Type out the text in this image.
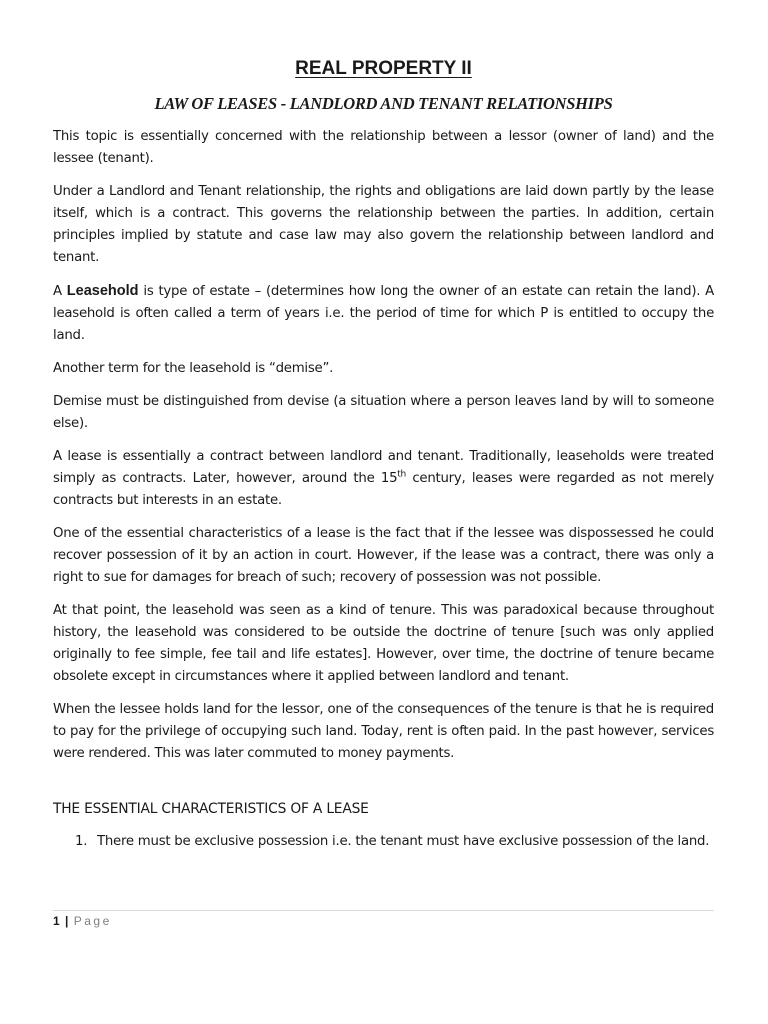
REAL PROPERTY II
LAW OF LEASES - LANDLORD AND TENANT RELATIONSHIPS

This topic is essentially concerned with the relationship between a lessor (owner of land) and the lessee (tenant).

Under a Landlord and Tenant relationship, the rights and obligations are laid down partly by the lease itself, which is a contract. This governs the relationship between the parties. In addition, certain principles implied by statute and case law may also govern the relationship between landlord and tenant.

A Leasehold is type of estate – (determines how long the owner of an estate can retain the land). A leasehold is often called a term of years i.e. the period of time for which P is entitled to occupy the land.

Another term for the leasehold is “demise”.

Demise must be distinguished from devise (a situation where a person leaves land by will to someone else).

A lease is essentially a contract between landlord and tenant. Traditionally, leaseholds were treated simply as contracts. Later, however, around the 15th century, leases were regarded as not merely contracts but interests in an estate.

One of the essential characteristics of a lease is the fact that if the lessee was dispossessed he could recover possession of it by an action in court. However, if the lease was a contract, there was only a right to sue for damages for breach of such; recovery of possession was not possible.

At that point, the leasehold was seen as a kind of tenure. This was paradoxical because throughout history, the leasehold was considered to be outside the doctrine of tenure [such was only applied originally to fee simple, fee tail and life estates]. However, over time, the doctrine of tenure became obsolete except in circumstances where it applied between landlord and tenant.

When the lessee holds land for the lessor, one of the consequences of the tenure is that he is required to pay for the privilege of occupying such land. Today, rent is often paid. In the past however, services were rendered. This was later commuted to money payments.

THE ESSENTIAL CHARACTERISTICS OF A LEASE
1. There must be exclusive possession i.e. the tenant must have exclusive possession of the land.
1 | Page
